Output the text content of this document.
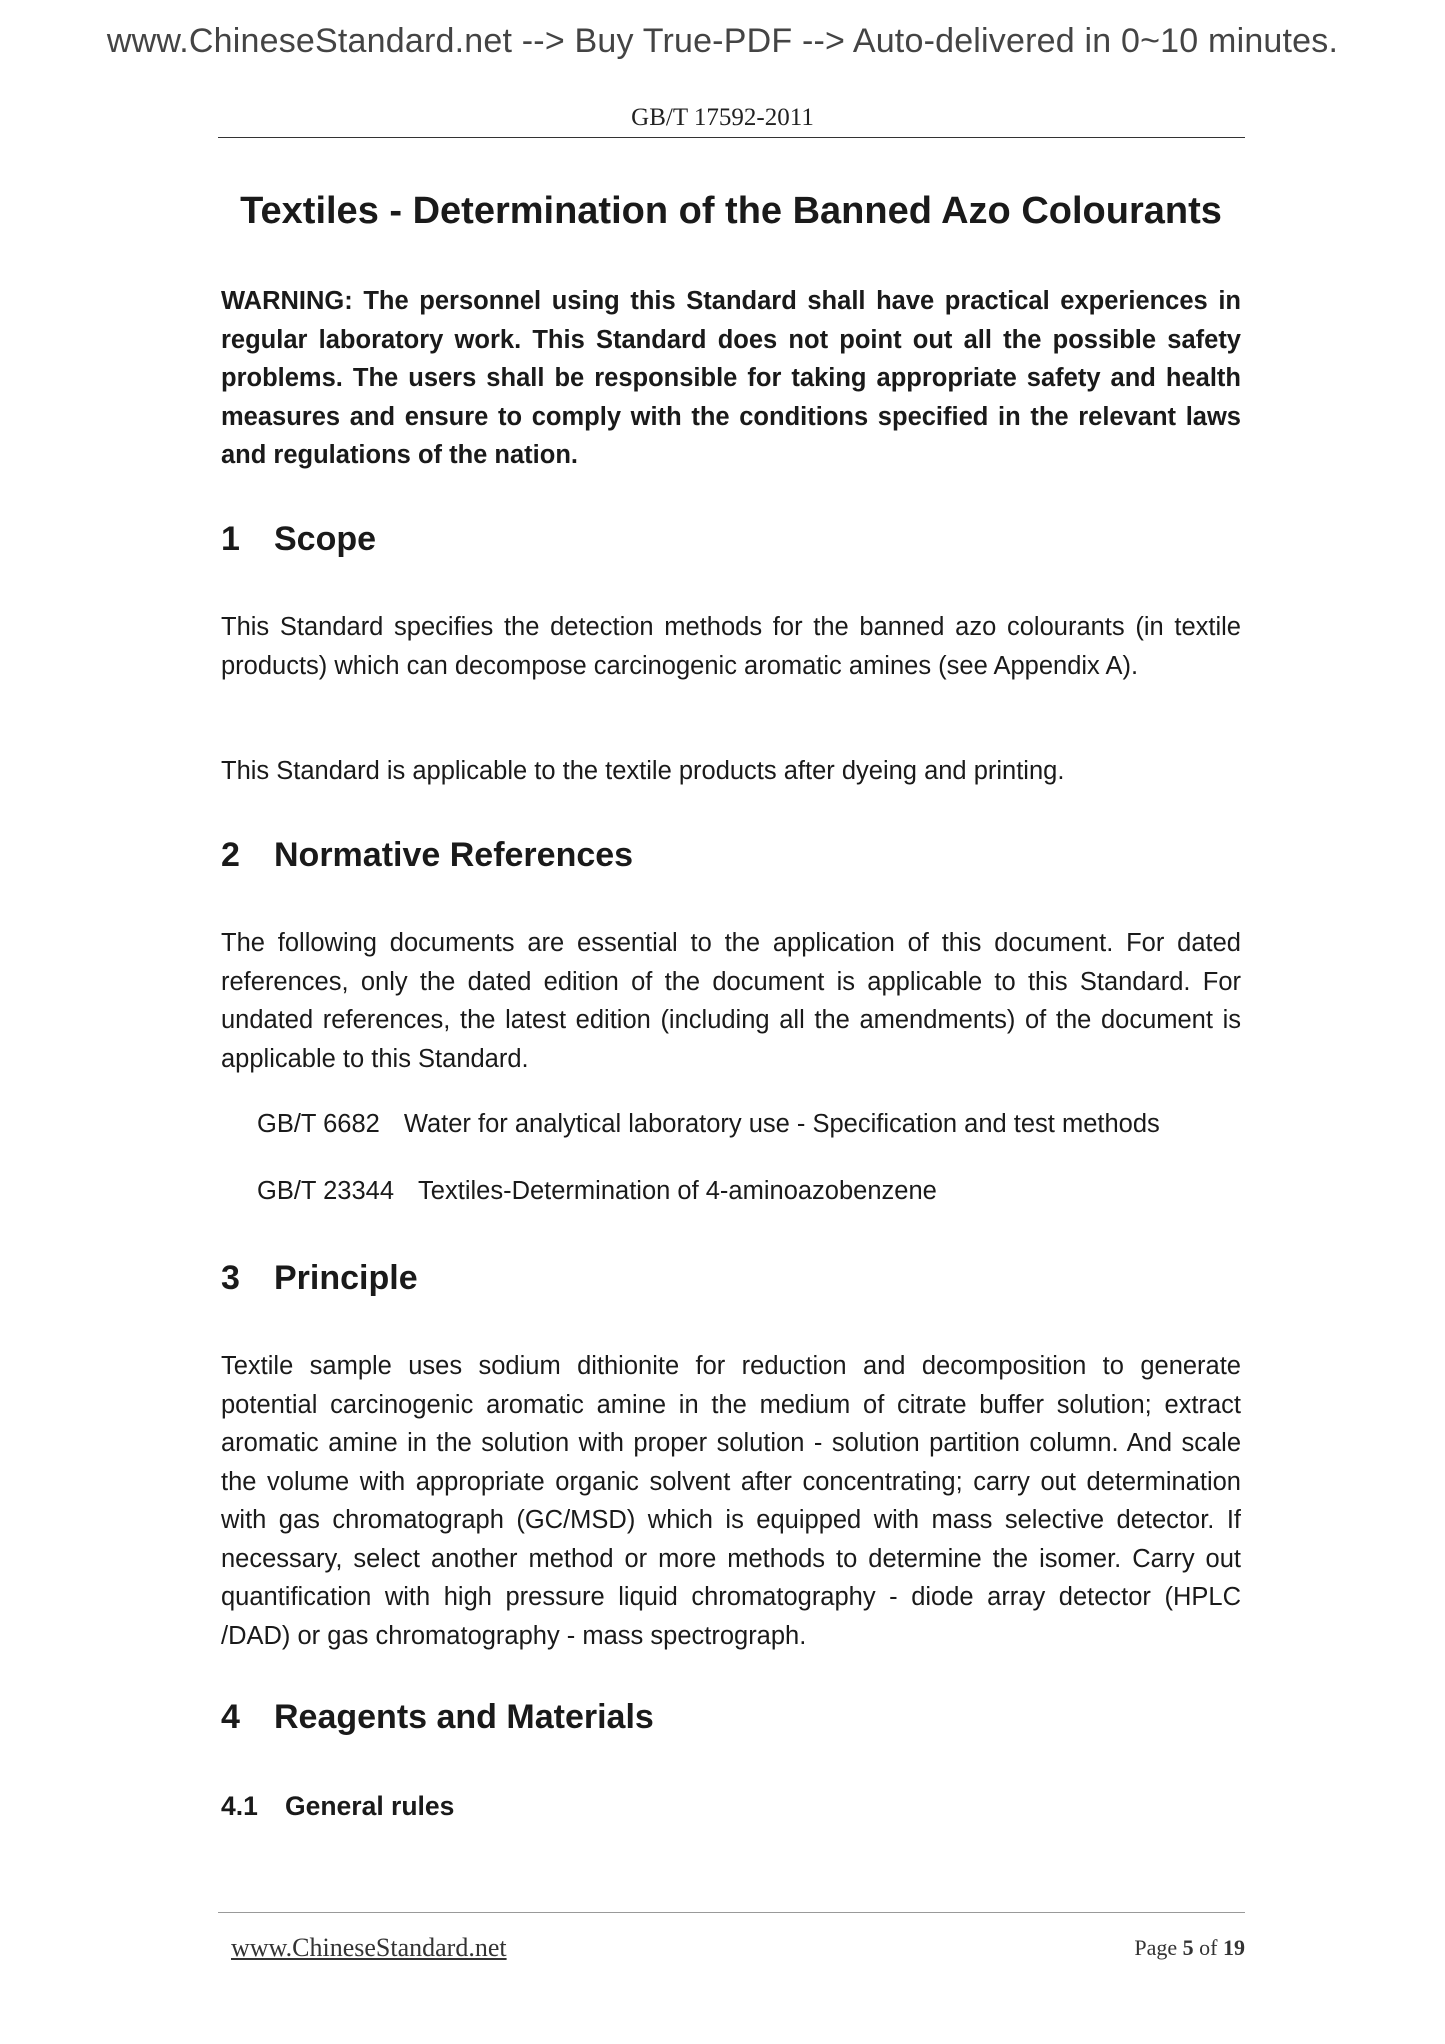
www.ChineseStandard.net --> Buy True-PDF --> Auto-delivered in 0~10 minutes.
GB/T 17592-2011
Textiles - Determination of the Banned Azo Colourants
WARNING: The personnel using this Standard shall have practical experiences in regular laboratory work. This Standard does not point out all the possible safety problems. The users shall be responsible for taking appropriate safety and health measures and ensure to comply with the conditions specified in the relevant laws and regulations of the nation.
1 Scope
This Standard specifies the detection methods for the banned azo colourants (in textile products) which can decompose carcinogenic aromatic amines (see Appendix A).
This Standard is applicable to the textile products after dyeing and printing.
2 Normative References
The following documents are essential to the application of this document. For dated references, only the dated edition of the document is applicable to this Standard. For undated references, the latest edition (including all the amendments) of the document is applicable to this Standard.
GB/T 6682 Water for analytical laboratory use - Specification and test methods
GB/T 23344 Textiles-Determination of 4-aminoazobenzene
3 Principle
Textile sample uses sodium dithionite for reduction and decomposition to generate potential carcinogenic aromatic amine in the medium of citrate buffer solution; extract aromatic amine in the solution with proper solution - solution partition column. And scale the volume with appropriate organic solvent after concentrating; carry out determination with gas chromatograph (GC/MSD) which is equipped with mass selective detector. If necessary, select another method or more methods to determine the isomer. Carry out quantification with high pressure liquid chromatography - diode array detector (HPLC /DAD) or gas chromatography - mass spectrograph.
4 Reagents and Materials
4.1 General rules
www.ChineseStandard.net	Page 5 of 19
